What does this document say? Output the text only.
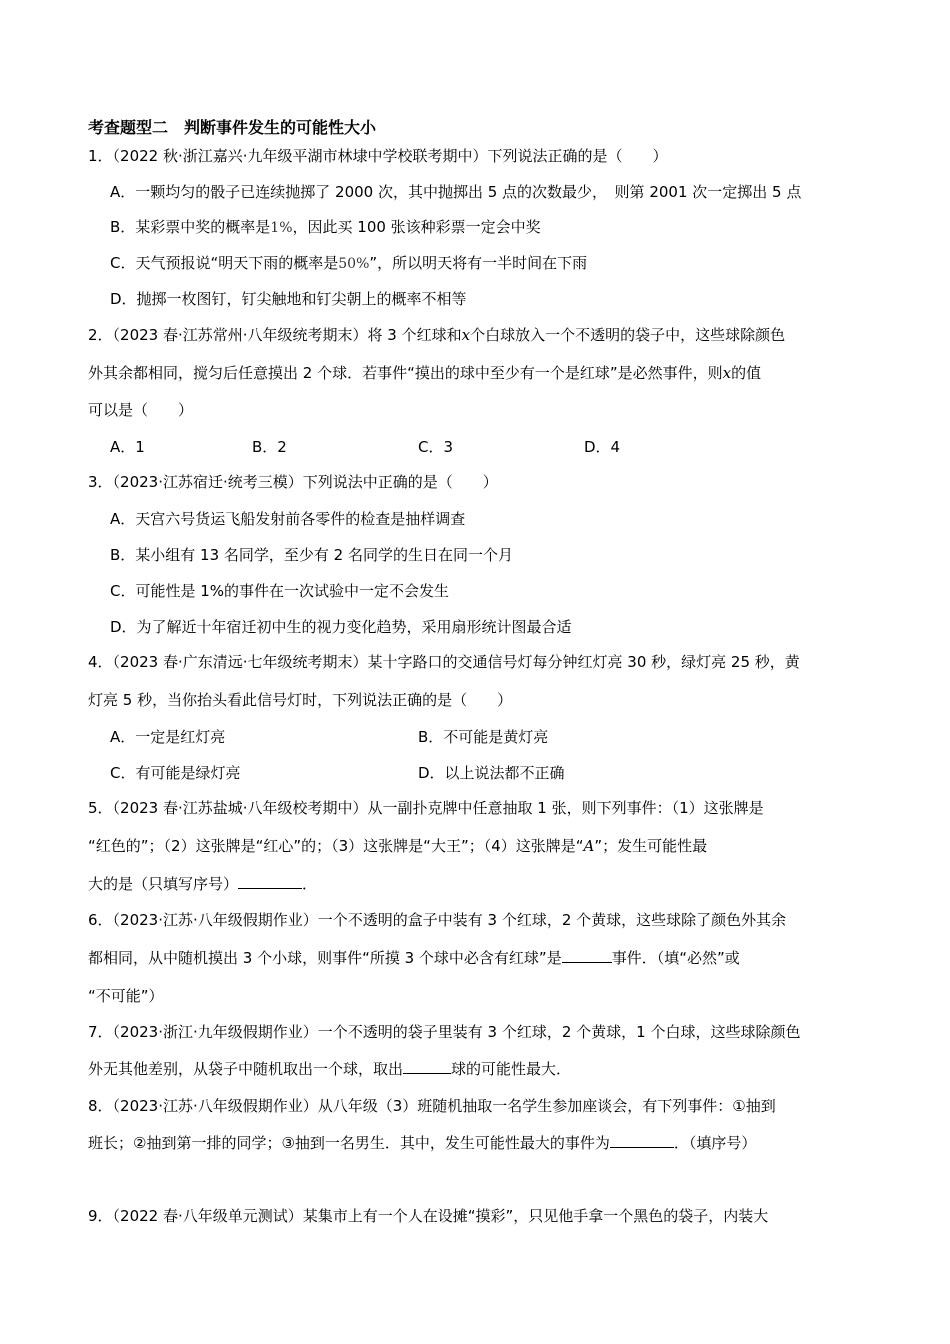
考查题型二　判断事件发生的可能性大小
1．（2022 秋·浙江嘉兴·九年级平湖市林埭中学校联考期中）下列说法正确的是（　　）
A．一颗均匀的骰子已连续抛掷了 2000 次，其中抛掷出 5 点的次数最少，　则第 2001 次一定掷出 5 点
B．某彩票中奖的概率是1%，因此买 100 张该种彩票一定会中奖
C．天气预报说“明天下雨的概率是50%”，所以明天将有一半时间在下雨
D．抛掷一枚图钉，钉尖触地和钉尖朝上的概率不相等
2．（2023 春·江苏常州·八年级统考期末）将 3 个红球和x个白球放入一个不透明的袋子中，这些球除颜色
外其余都相同，搅匀后任意摸出 2 个球．若事件“摸出的球中至少有一个是红球”是必然事件，则x的值
可以是（　　）
A．1	B．2	C．3	D．4
3．（2023·江苏宿迁·统考三模）下列说法中正确的是（　　）
A．天宫六号货运飞船发射前各零件的检查是抽样调查
B．某小组有 13 名同学，至少有 2 名同学的生日在同一个月
C．可能性是 1%的事件在一次试验中一定不会发生
D．为了解近十年宿迁初中生的视力变化趋势，采用扇形统计图最合适
4．（2023 春·广东清远·七年级统考期末）某十字路口的交通信号灯每分钟红灯亮 30 秒，绿灯亮 25 秒，黄
灯亮 5 秒，当你抬头看此信号灯时，下列说法正确的是（　　）
A．一定是红灯亮	B．不可能是黄灯亮
C．有可能是绿灯亮	D．以上说法都不正确
5．（2023 春·江苏盐城·八年级校考期中）从一副扑克牌中任意抽取 1 张，则下列事件：（1）这张牌是
“红色的”；（2）这张牌是“红心”的；（3）这张牌是“大王”；（4）这张牌是“A”；发生可能性最
大的是（只填写序号）	．
6．（2023·江苏·八年级假期作业）一个不透明的盒子中装有 3 个红球，2 个黄球，这些球除了颜色外其余
都相同，从中随机摸出 3 个小球，则事件“所摸 3 个球中必含有红球”是	事件．（填“必然”或
“不可能”）
7．（2023·浙江·九年级假期作业）一个不透明的袋子里装有 3 个红球，2 个黄球，1 个白球，这些球除颜色
外无其他差别，从袋子中随机取出一个球，取出	球的可能性最大．
8．（2023·江苏·八年级假期作业）从八年级（3）班随机抽取一名学生参加座谈会，有下列事件：①抽到
班长；②抽到第一排的同学；③抽到一名男生．其中，发生可能性最大的事件为	．（填序号）
9．（2022 春·八年级单元测试）某集市上有一个人在设摊“摸彩”，只见他手拿一个黑色的袋子，内装大
